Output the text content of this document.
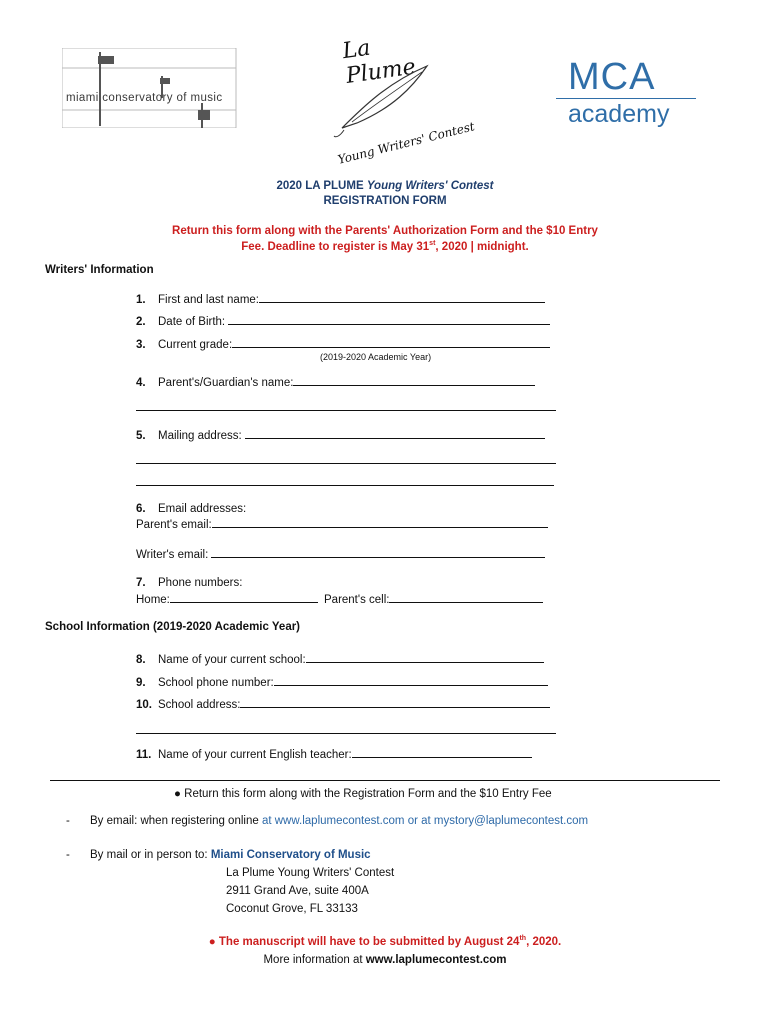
miami conservatory of music
La Plume
Young Writers' Contest
MCA
academy
2020 LA PLUME Young Writers' Contest
REGISTRATION FORM
Return this form along with the Parents' Authorization Form and the $10 Entry
Fee. Deadline to register is May 31st, 2020 | midnight.
Writers' Information
1. First and last name:
2. Date of Birth:
3. Current grade:
(2019-2020 Academic Year)
4. Parent's/Guardian's name:
5. Mailing address:
6. Email addresses:
Parent's email:
Writer's email:
7. Phone numbers:
Home:	Parent's cell:
School Information (2019-2020 Academic Year)
8. Name of your current school:
9. School phone number:
10. School address:
11. Name of your current English teacher:
● Return this form along with the Registration Form and the $10 Entry Fee
- By email: when registering online at www.laplumecontest.com or at mystory@laplumecontest.com
- By mail or in person to: Miami Conservatory of Music
La Plume Young Writers' Contest
2911 Grand Ave, suite 400A
Coconut Grove, FL 33133
● The manuscript will have to be submitted by August 24th, 2020.
More information at www.laplumecontest.com
